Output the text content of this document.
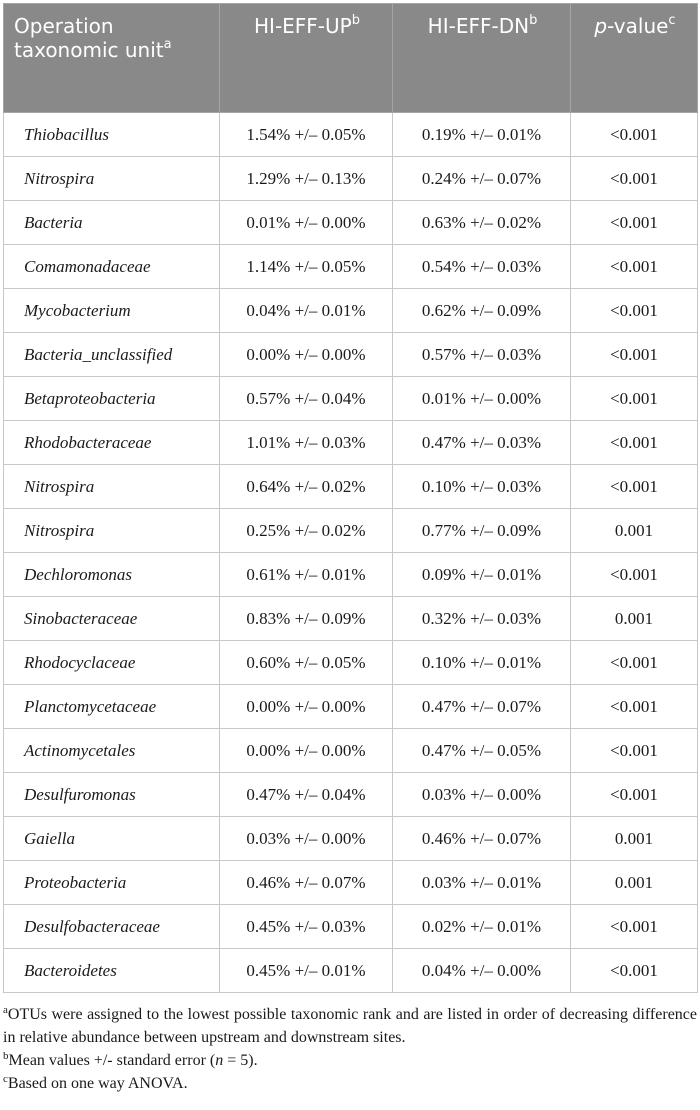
Operation taxonomic unit$^a$	$HI-EFF-UP^b$	$HI-EFF-DN^b$	p-value$^c$
Thiobacillus	1.54% +/– 0.05%	0.19% +/– 0.01%	<0.001
Nitrospira	1.29% +/– 0.13%	0.24% +/– 0.07%	<0.001
Bacteria	0.01% +/– 0.00%	0.63% +/– 0.02%	<0.001
Comamonadaceae	1.14% +/– 0.05%	0.54% +/– 0.03%	<0.001
Mycobacterium	0.04% +/– 0.01%	0.62% +/– 0.09%	<0.001
Bacteria_unclassified	0.00% +/– 0.00%	0.57% +/– 0.03%	<0.001
Betaproteobacteria	0.57% +/– 0.04%	0.01% +/– 0.00%	<0.001
Rhodobacteraceae	1.01% +/– 0.03%	0.47% +/– 0.03%	<0.001
Nitrospira	0.64% +/– 0.02%	0.10% +/– 0.03%	<0.001
Nitrospira	0.25% +/– 0.02%	0.77% +/– 0.09%	0.001
Dechloromonas	0.61% +/– 0.01%	0.09% +/– 0.01%	<0.001
Sinobacteraceae	0.83% +/– 0.09%	0.32% +/– 0.03%	0.001
Rhodocyclaceae	0.60% +/– 0.05%	0.10% +/– 0.01%	<0.001
Planctomycetaceae	0.00% +/– 0.00%	0.47% +/– 0.07%	<0.001
Actinomycetales	0.00% +/– 0.00%	0.47% +/– 0.05%	<0.001
Desulfuromonas	0.47% +/– 0.04%	0.03% +/– 0.00%	<0.001
Gaiella	0.03% +/– 0.00%	0.46% +/– 0.07%	0.001
Proteobacteria	0.46% +/– 0.07%	0.03% +/– 0.01%	0.001
Desulfobacteraceae	0.45% +/– 0.03%	0.02% +/– 0.01%	<0.001
Bacteroidetes	0.45% +/– 0.01%	0.04% +/– 0.00%	<0.001

$^a$OTUs were assigned to the lowest possible taxonomic rank and are listed in order of decreasing difference in relative abundance between upstream and downstream sites.

$^b$Mean values +/- standard error (n = 5).

$^c$Based on one way ANOVA.
